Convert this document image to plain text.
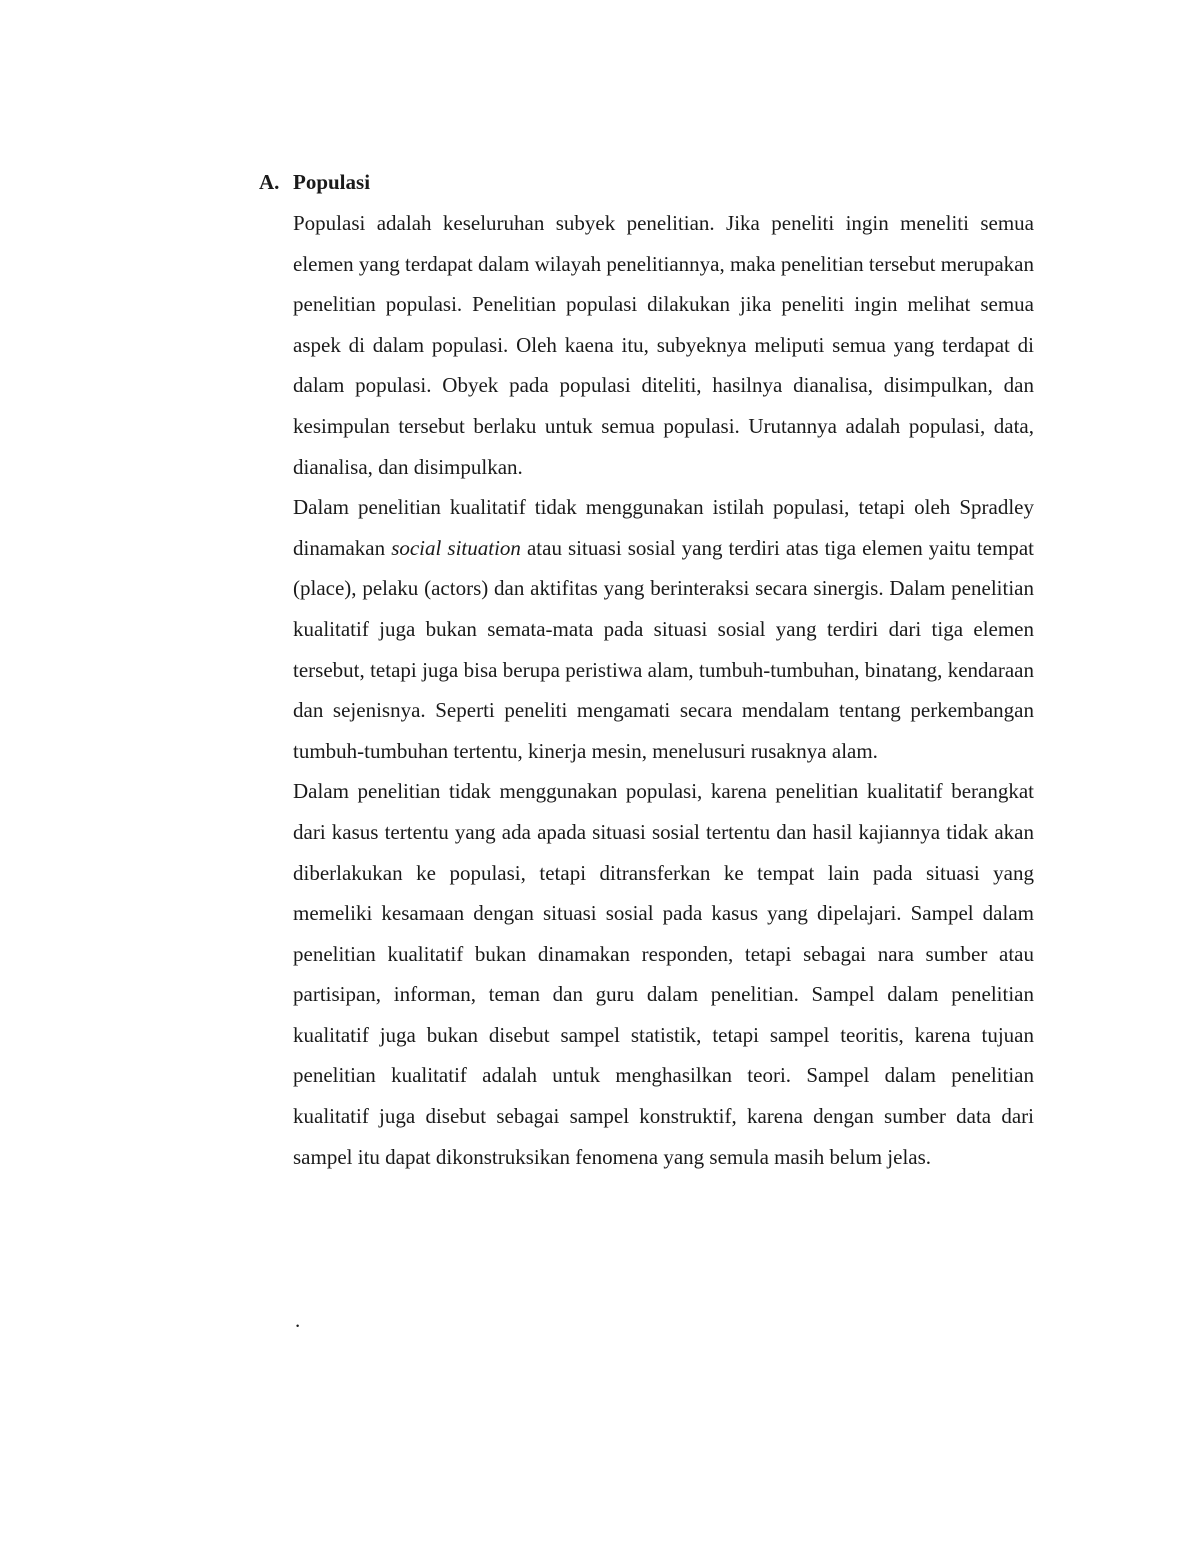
A. Populasi

Populasi adalah keseluruhan subyek penelitian. Jika peneliti ingin meneliti semua elemen yang terdapat dalam wilayah penelitiannya, maka penelitian tersebut merupakan penelitian populasi. Penelitian populasi dilakukan jika peneliti ingin melihat semua aspek di dalam populasi. Oleh kaena itu, subyeknya meliputi semua yang terdapat di dalam populasi. Obyek pada populasi diteliti, hasilnya dianalisa, disimpulkan, dan kesimpulan tersebut berlaku untuk semua populasi. Urutannya adalah populasi, data, dianalisa, dan disimpulkan.

Dalam penelitian kualitatif tidak menggunakan istilah populasi, tetapi oleh Spradley dinamakan social situation atau situasi sosial yang terdiri atas tiga elemen yaitu tempat (place), pelaku (actors) dan aktifitas yang berinteraksi secara sinergis. Dalam penelitian kualitatif juga bukan semata-mata pada situasi sosial yang terdiri dari tiga elemen tersebut, tetapi juga bisa berupa peristiwa alam, tumbuh-tumbuhan, binatang, kendaraan dan sejenisnya. Seperti peneliti mengamati secara mendalam tentang perkembangan tumbuh-tumbuhan tertentu, kinerja mesin, menelusuri rusaknya alam.

Dalam penelitian tidak menggunakan populasi, karena penelitian kualitatif berangkat dari kasus tertentu yang ada apada situasi sosial tertentu dan hasil kajiannya tidak akan diberlakukan ke populasi, tetapi ditransferkan ke tempat lain pada situasi yang memeliki kesamaan dengan situasi sosial pada kasus yang dipelajari. Sampel dalam penelitian kualitatif bukan dinamakan responden, tetapi sebagai nara sumber atau partisipan, informan, teman dan guru dalam penelitian. Sampel dalam penelitian kualitatif juga bukan disebut sampel statistik, tetapi sampel teoritis, karena tujuan penelitian kualitatif adalah untuk menghasilkan teori. Sampel dalam penelitian kualitatif juga disebut sebagai sampel konstruktif, karena dengan sumber data dari sampel itu dapat dikonstruksikan fenomena yang semula masih belum jelas.

.
